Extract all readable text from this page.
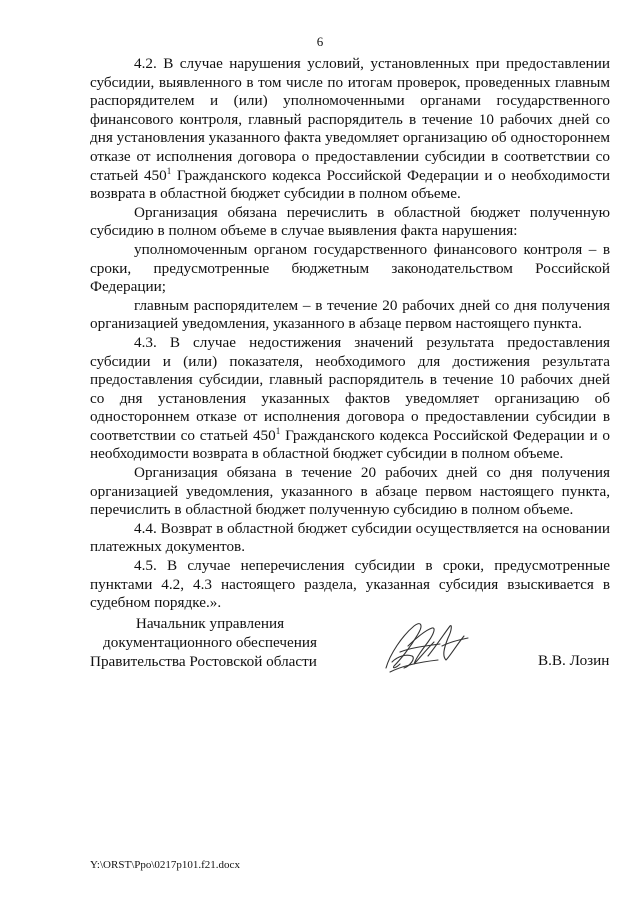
6

4.2. В случае нарушения условий, установленных при предоставлении субсидии, выявленного в том числе по итогам проверок, проведенных главным распорядителем и (или) уполномоченными органами государственного финансового контроля, главный распорядитель в течение 10 рабочих дней со дня установления указанного факта уведомляет организацию об одностороннем отказе от исполнения договора о предоставлении субсидии в соответствии со статьей $450^1$ Гражданского кодекса Российской Федерации и о необходимости возврата в областной бюджет субсидии в полном объеме.

Организация обязана перечислить в областной бюджет полученную субсидию в полном объеме в случае выявления факта нарушения:

уполномоченным органом государственного финансового контроля – в сроки, предусмотренные бюджетным законодательством Российской Федерации;

главным распорядителем – в течение 20 рабочих дней со дня получения организацией уведомления, указанного в абзаце первом настоящего пункта.

4.3. В случае недостижения значений результата предоставления субсидии и (или) показателя, необходимого для достижения результата предоставления субсидии, главный распорядитель в течение 10 рабочих дней со дня установления указанных фактов уведомляет организацию об одностороннем отказе от исполнения договора о предоставлении субсидии в соответствии со статьей $450^1$ Гражданского кодекса Российской Федерации и о необходимости возврата в областной бюджет субсидии в полном объеме.

Организация обязана в течение 20 рабочих дней со дня получения организацией уведомления, указанного в абзаце первом настоящего пункта, перечислить в областной бюджет полученную субсидию в полном объеме.

4.4. Возврат в областной бюджет субсидии осуществляется на основании платежных документов.

4.5. В случае неперечисления субсидии в сроки, предусмотренные пунктами 4.2, 4.3 настоящего раздела, указанная субсидия взыскивается в судебном порядке.».

Начальник управления
документационного обеспечения
Правительства Ростовской области	В.В. Лозин
Y:\ORST\Ppo\0217p101.f21.docx
